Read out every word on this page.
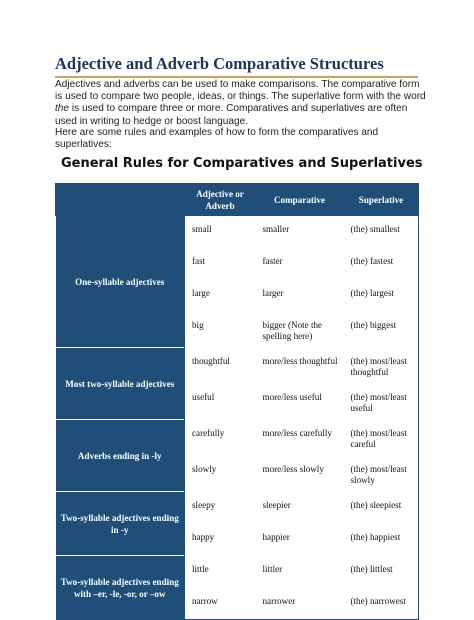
Adjective and Adverb Comparative Structures

Adjectives and adverbs can be used to make comparisons. The comparative form is used to compare two people, ideas, or things. The superlative form with the word the is used to compare three or more. Comparatives and superlatives are often used in writing to hedge or boost language.

Here are some rules and examples of how to form the comparatives and superlatives:

General Rules for Comparatives and Superlatives
	Adjective or Adverb	Comparative	Superlative
One-syllable adjectives	small	smaller	(the) smallest
	fast	faster	(the) fastest
	large	larger	(the) largest
	big	bigger (Note the spelling here)	(the) biggest
Most two-syllable adjectives	thoughtful	more/less thoughtful	(the) most/least thoughtful
	useful	more/less useful	(the) most/least useful
Adverbs ending in -ly	carefully	more/less carefully	(the) most/least careful
	slowly	more/less slowly	(the) most/least slowly
Two-syllable adjectives ending in -y	sleepy	sleepier	(the) sleepiest
	happy	happier	(the) happiest
Two-syllable adjectives ending with –er, -le, -or, or –ow	little	littler	(the) littlest
	narrow	narrower	(the) narrowest
